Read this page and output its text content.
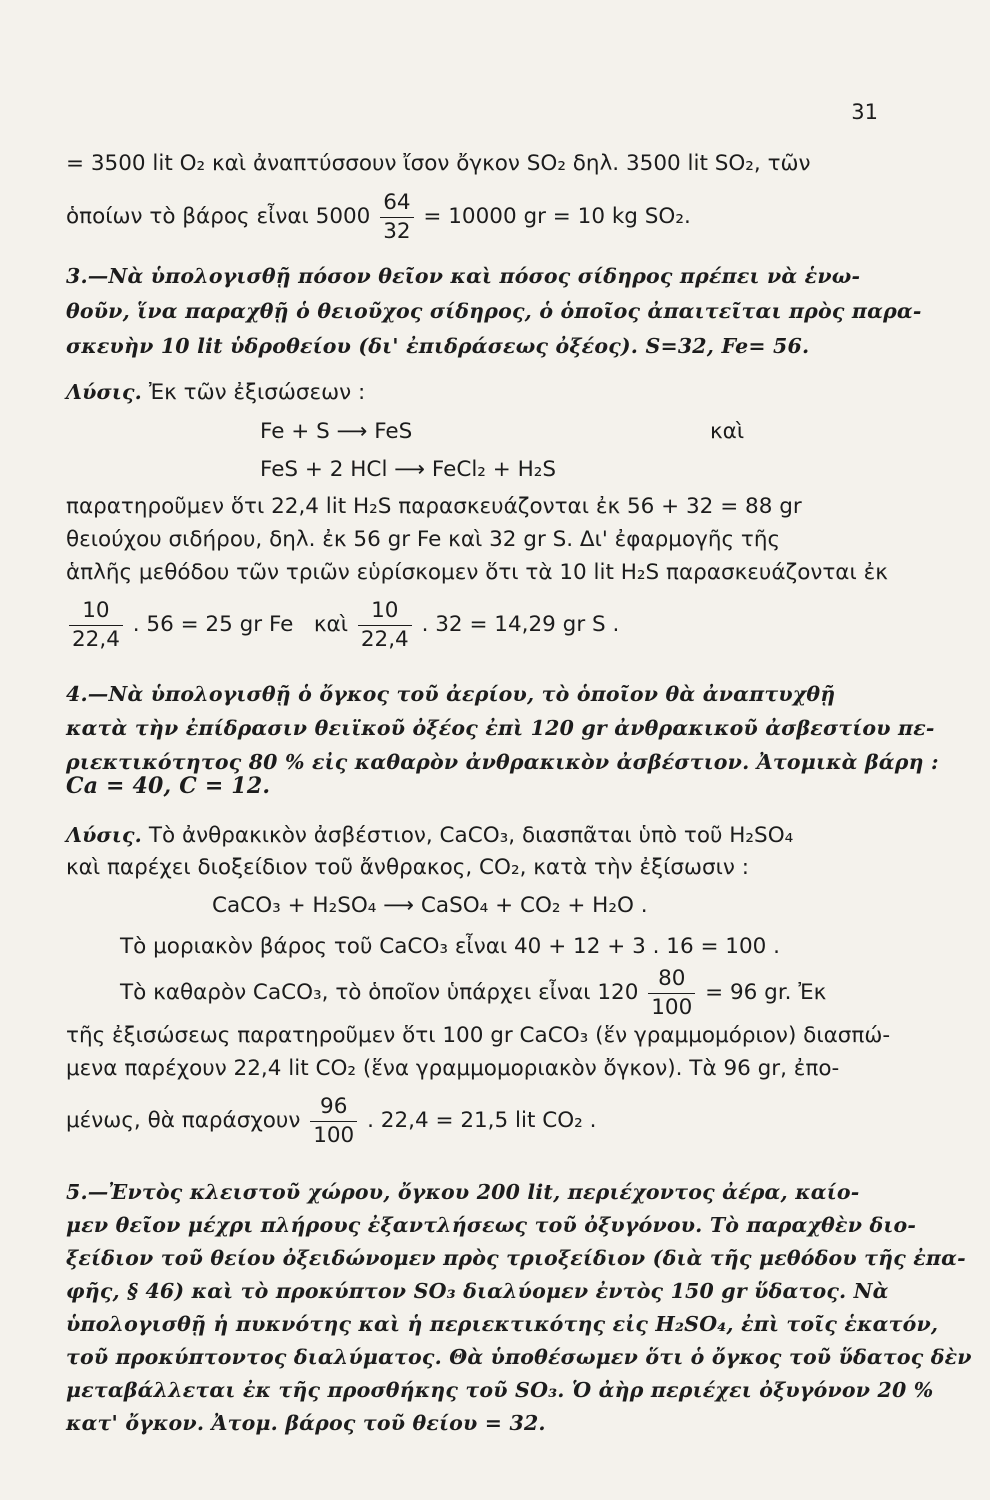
31
= 3500 lit O₂ καὶ ἀναπτύσσουν ἴσον ὄγκον SO₂ δηλ. 3500 lit SO₂, τῶν
ὁποίων τὸ βάρος εἶναι $5000 \frac{64}{32} = 10000$ gr = 10 kg SO₂.
3.—Νὰ ὑπολογισθῇ πόσον θεῖον καὶ πόσος σίδηρος πρέπει νὰ ἑνω-
θοῦν, ἵνα παραχθῇ ὁ θειοῦχος σίδηρος, ὁ ὁποῖος ἀπαιτεῖται πρὸς παρα-
σκευὴν 10 lit ὑδροθείου (δι' ἐπιδράσεως ὀξέος). S=32, Fe= 56.
Λύσις. Ἐκ τῶν ἐξισώσεων :
Fe + S ⟶ FeS	καὶ
FeS + 2 HCl ⟶ FeCl₂ + H₂S
παρατηροῦμεν ὅτι 22,4 lit H₂S παρασκευάζονται ἐκ 56 + 32 = 88 gr
θειούχου σιδήρου, δηλ. ἐκ 56 gr Fe καὶ 32 gr S. Δι' ἐφαρμογῆς τῆς
ἁπλῆς μεθόδου τῶν τριῶν εὑρίσκομεν ὅτι τὰ 10 lit H₂S παρασκευάζονται ἐκ
$\frac{10}{22,4}$ . 56 = 25 gr Fe καὶ $\frac{10}{22,4}$ . 32 = 14,29 gr S .
4.—Νὰ ὑπολογισθῇ ὁ ὄγκος τοῦ ἀερίου, τὸ ὁποῖον θὰ ἀναπτυχθῇ
κατὰ τὴν ἐπίδρασιν θειϊκοῦ ὀξέος ἐπὶ 120 gr ἀνθρακικοῦ ἀσβεστίου πε-
ριεκτικότητος 80 % εἰς καθαρὸν ἀνθρακικὸν ἀσβέστιον. Ἀτομικὰ βάρη :
Ca = 40, C = 12.
Λύσις. Τὸ ἀνθρακικὸν ἀσβέστιον, CaCO₃, διασπᾶται ὑπὸ τοῦ H₂SO₄
καὶ παρέχει διοξείδιον τοῦ ἄνθρακος, CO₂, κατὰ τὴν ἐξίσωσιν :
CaCO₃ + H₂SO₄ ⟶ CaSO₄ + CO₂ + H₂O .
Τὸ μοριακὸν βάρος τοῦ CaCO₃ εἶναι 40 + 12 + 3 . 16 = 100 .
Τὸ καθαρὸν CaCO₃, τὸ ὁποῖον ὑπάρχει εἶναι $120 \frac{80}{100} = 96$ gr. Ἐκ
τῆς ἐξισώσεως παρατηροῦμεν ὅτι 100 gr CaCO₃ (ἕν γραμμομόριον) διασπώ-
μενα παρέχουν 22,4 lit CO₂ (ἕνα γραμμομοριακὸν ὄγκον). Τὰ 96 gr, ἐπο-
μένως, θὰ παράσχουν $\frac{96}{100}$ . 22,4 = 21,5 lit CO₂ .
5.—Ἐντὸς κλειστοῦ χώρου, ὄγκου 200 lit, περιέχοντος ἀέρα, καίο-
μεν θεῖον μέχρι πλήρους ἐξαντλήσεως τοῦ ὀξυγόνου. Τὸ παραχθὲν διο-
ξείδιον τοῦ θείου ὀξειδώνομεν πρὸς τριοξείδιον (διὰ τῆς μεθόδου τῆς ἐπα-
φῆς, § 46) καὶ τὸ προκύπτον SO₃ διαλύομεν ἐντὸς 150 gr ὕδατος. Νὰ
ὑπολογισθῇ ἡ πυκνότης καὶ ἡ περιεκτικότης εἰς H₂SO₄, ἐπὶ τοῖς ἑκατόν,
τοῦ προκύπτοντος διαλύματος. Θὰ ὑποθέσωμεν ὅτι ὁ ὄγκος τοῦ ὕδατος δὲν
μεταβάλλεται ἐκ τῆς προσθήκης τοῦ SO₃. Ὁ ἀὴρ περιέχει ὀξυγόνον 20 %
κατ' ὄγκον. Ἀτομ. βάρος τοῦ θείου = 32.
